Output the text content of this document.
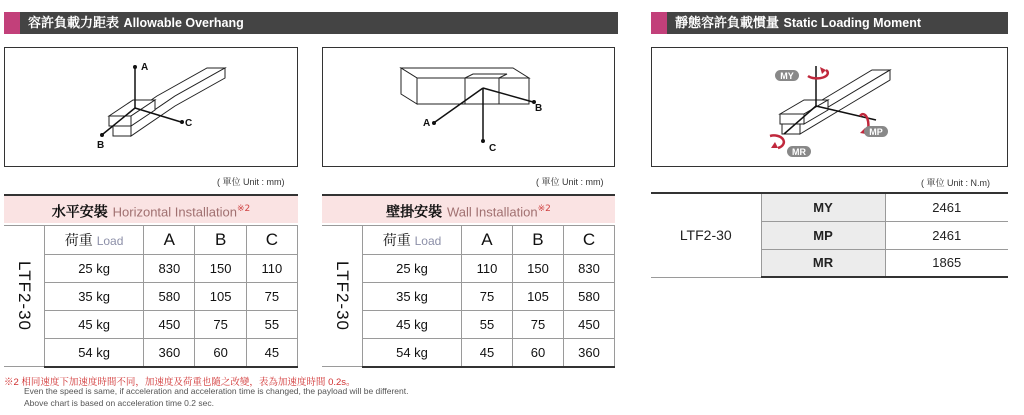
容許負載力距表 Allowable Overhang	靜態容許負載慣量 Static Loading Moment
A
C
B
A
C
B
MY
MP
MR
( 單位 Unit : mm)	( 單位 Unit : mm)	( 單位 Unit : N.m)
水平安裝 Horizontal Installation$^{※2}$	壁掛安裝 Wall Installation$^{※2}$
LTF2-30	荷重 Load	A	B	C
	25 kg	830	150	110
	35 kg	580	105	75
	45 kg	450	75	55
	54 kg	360	60	45
LTF2-30	荷重 Load	A	B	C
	25 kg	110	150	830
	35 kg	75	105	580
	45 kg	55	75	450
	54 kg	45	60	360
LTF2-30	MY	2461
	MP	2461
	MR	1865
※2 相同速度下加速度時間不同，加速度及荷重也隨之改變，表為加速度時間 0.2s。
Even the speed is same, if acceleration and acceleration time is changed, the payload will be different.
Above chart is based on acceleration time 0.2 sec.
